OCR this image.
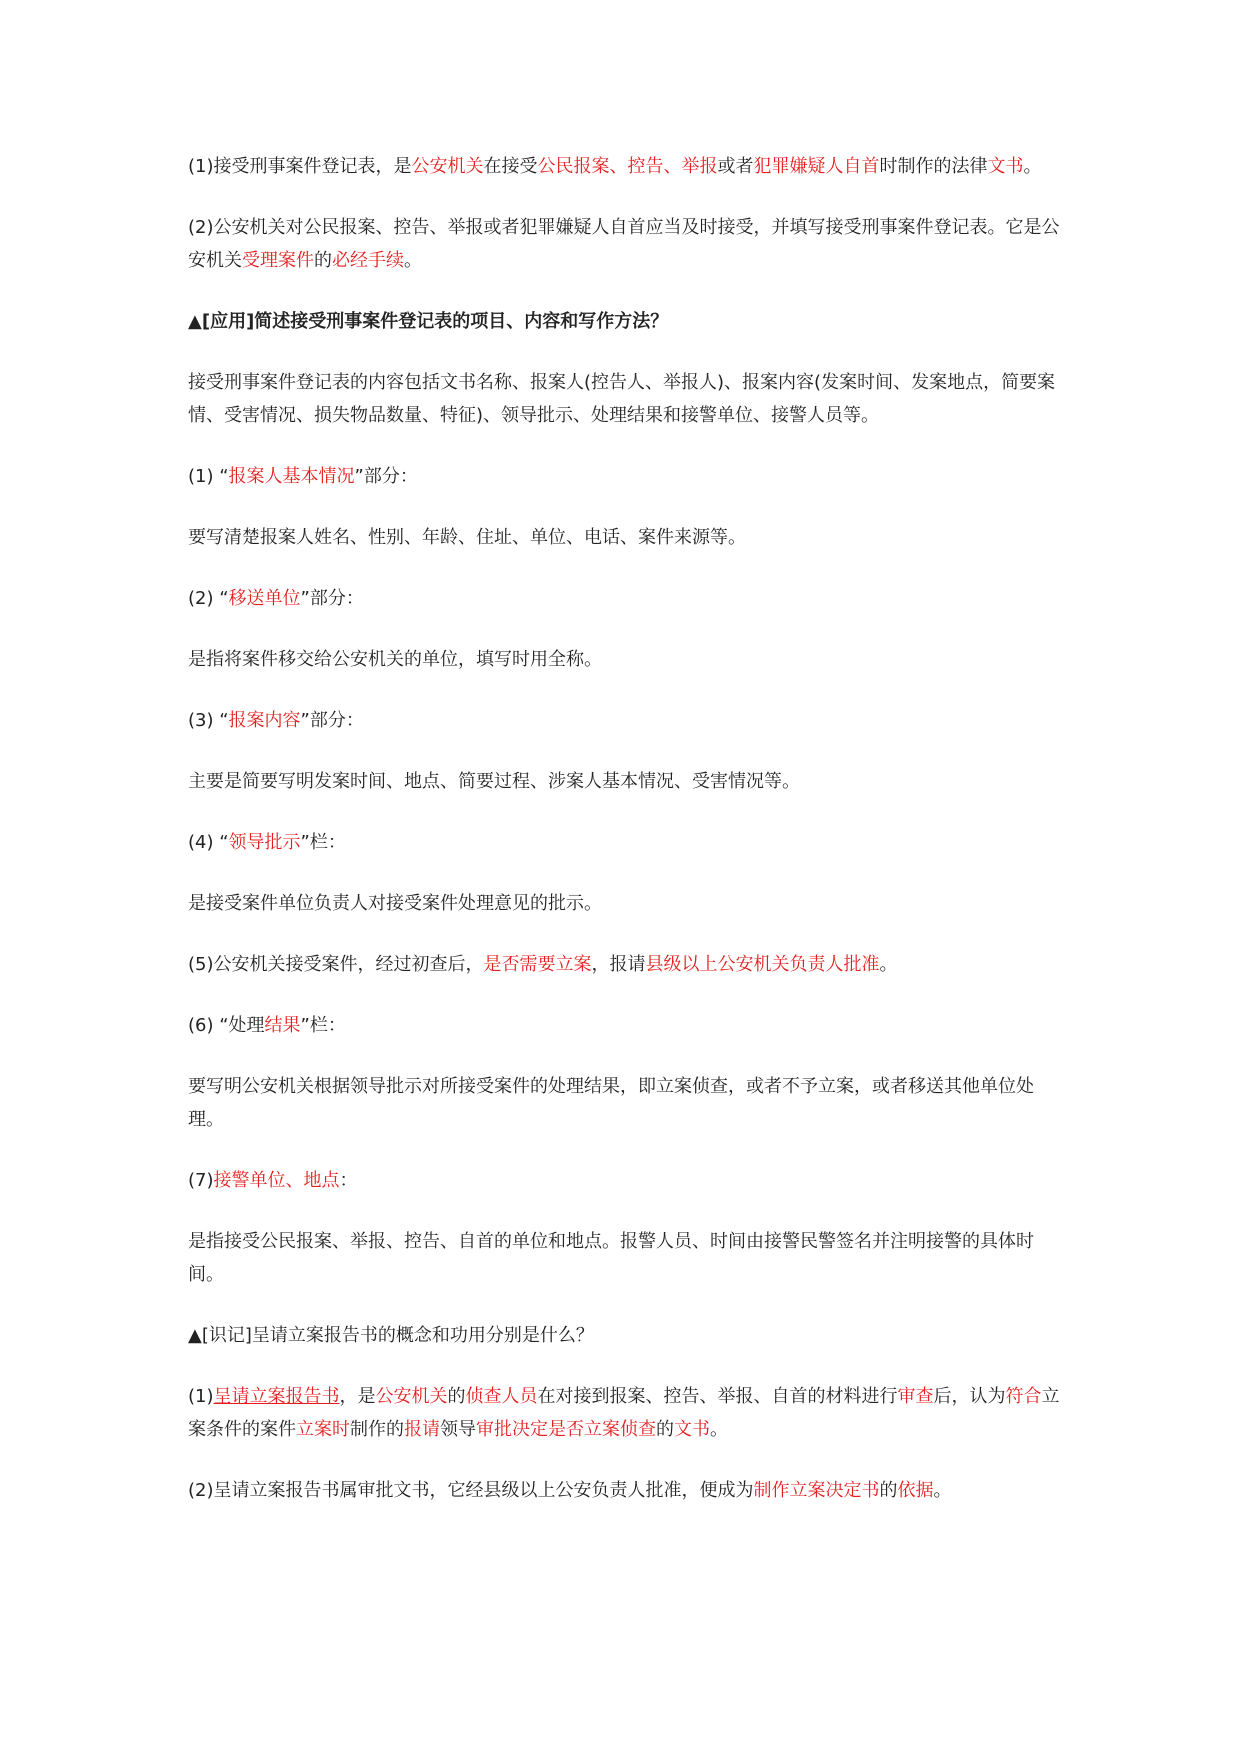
(1)接受刑事案件登记表，是公安机关在接受公民报案、控告、举报或者犯罪嫌疑人自首时制作的法律文书。

(2)公安机关对公民报案、控告、举报或者犯罪嫌疑人自首应当及时接受，并填写接受刑事案件登记表。它是公安机关受理案件的必经手续。

▲[应用]简述接受刑事案件登记表的项目、内容和写作方法？

接受刑事案件登记表的内容包括文书名称、报案人(控告人、举报人)、报案内容(发案时间、发案地点，简要案情、受害情况、损失物品数量、特征)、领导批示、处理结果和接警单位、接警人员等。

(1) “报案人基本情况”部分：

要写清楚报案人姓名、性别、年龄、住址、单位、电话、案件来源等。

(2) “移送单位”部分：

是指将案件移交给公安机关的单位，填写时用全称。

(3) “报案内容”部分：

主要是简要写明发案时间、地点、简要过程、涉案人基本情况、受害情况等。

(4) “领导批示”栏：

是接受案件单位负责人对接受案件处理意见的批示。

(5)公安机关接受案件，经过初查后，是否需要立案，报请县级以上公安机关负责人批准。

(6) “处理结果”栏：

要写明公安机关根据领导批示对所接受案件的处理结果，即立案侦查，或者不予立案，或者移送其他单位处理。

(7)接警单位、地点：

是指接受公民报案、举报、控告、自首的单位和地点。报警人员、时间由接警民警签名并注明接警的具体时间。

▲[识记]呈请立案报告书的概念和功用分别是什么？

(1)呈请立案报告书，是公安机关的侦查人员在对接到报案、控告、举报、自首的材料进行审查后，认为符合立案条件的案件立案时制作的报请领导审批决定是否立案侦查的文书。

(2)呈请立案报告书属审批文书，它经县级以上公安负责人批准，便成为制作立案决定书的依据。
